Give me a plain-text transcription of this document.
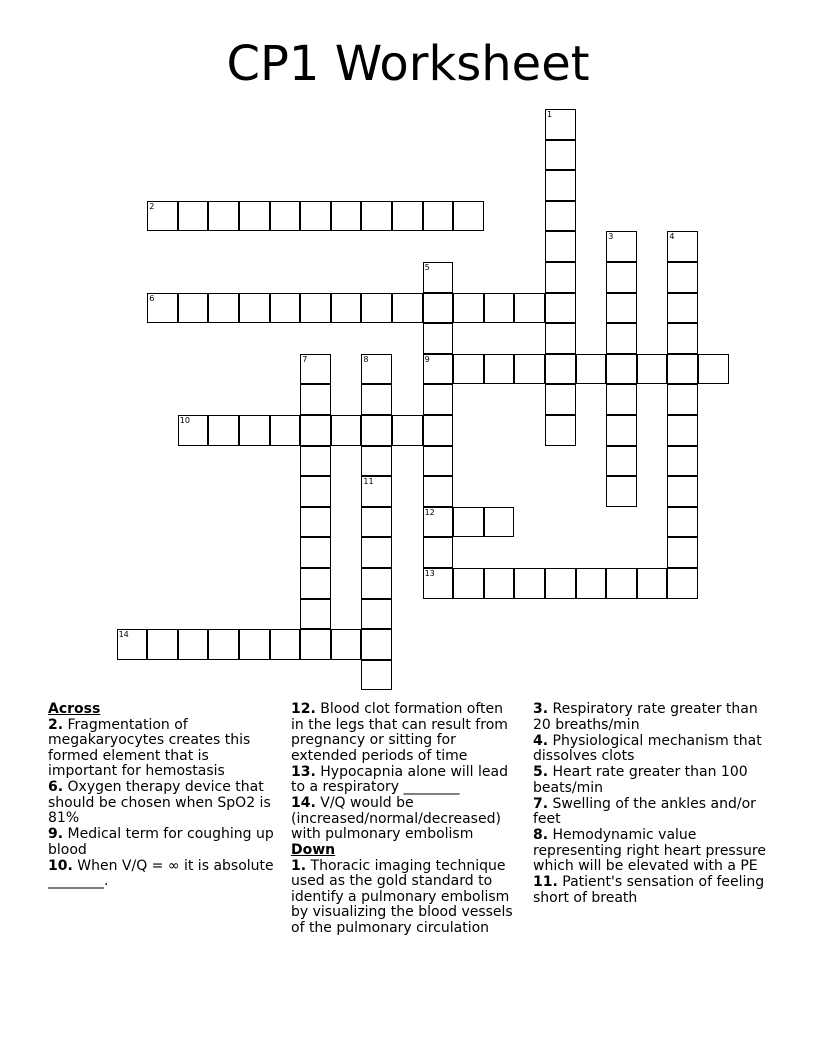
CP1 Worksheet
1
2
3	4
5
9
12
13
6
7	8
11
10
14

Across

2. Fragmentation of megakaryocytes creates this formed element that is important for hemostasis

6. Oxygen therapy device that should be chosen when SpO2 is 81%

9. Medical term for coughing up blood

10. When V/Q = ∞ it is absolute ________.

12. Blood clot formation often in the legs that can result from pregnancy or sitting for extended periods of time

13. Hypocapnia alone will lead to a respiratory ________

14. V/Q would be (increased/normal/decreased) with pulmonary embolism

Down

1. Thoracic imaging technique used as the gold standard to identify a pulmonary embolism by visualizing the blood vessels of the pulmonary circulation

3. Respiratory rate greater than 20 breaths/min

4. Physiological mechanism that dissolves clots

5. Heart rate greater than 100 beats/min

7. Swelling of the ankles and/or feet

8. Hemodynamic value representing right heart pressure which will be elevated with a PE

11. Patient's sensation of feeling short of breath
